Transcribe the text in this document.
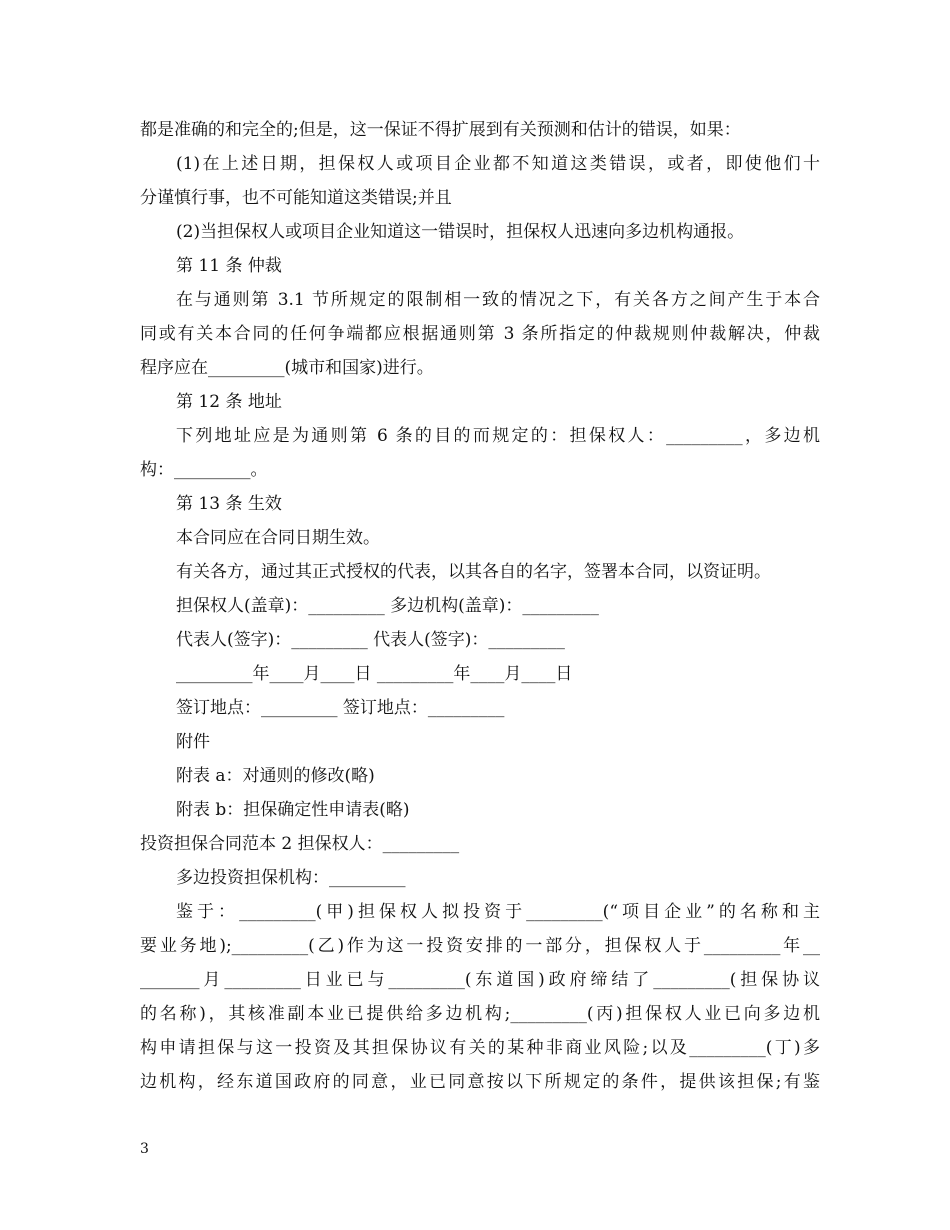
都是准确的和完全的;但是，这一保证不得扩展到有关预测和估计的错误，如果：
(1)在上述日期，担保权人或项目企业都不知道这类错误，或者，即使他们十
分谨慎行事，也不可能知道这类错误;并且
(2)当担保权人或项目企业知道这一错误时，担保权人迅速向多边机构通报。
第 11 条 仲裁
在与通则第 3.1 节所规定的限制相一致的情况之下，有关各方之间产生于本合
同或有关本合同的任何争端都应根据通则第 3 条所指定的仲裁规则仲裁解决，仲裁
程序应在_________(城市和国家)进行。
第 12 条 地址
下列地址应是为通则第 6 条的目的而规定的：担保权人：_________，多边机
构：_________。
第 13 条 生效
本合同应在合同日期生效。
有关各方，通过其正式授权的代表，以其各自的名字，签署本合同，以资证明。
担保权人(盖章)：_________ 多边机构(盖章)：_________
代表人(签字)：_________ 代表人(签字)：_________
_________年____月____日 _________年____月____日
签订地点：_________ 签订地点：_________
附件
附表 a：对通则的修改(略)
附表 b：担保确定性申请表(略)
投资担保合同范本 2 担保权人：_________
多边投资担保机构：_________
鉴于：_________(甲)担保权人拟投资于_________(“项目企业”的名称和主
要业务地);_________(乙)作为这一投资安排的一部分，担保权人于_________年__
_______月_________日业已与_________(东道国)政府缔结了_________(担保协议
的名称)，其核准副本业已提供给多边机构;_________(丙)担保权人业已向多边机
构申请担保与这一投资及其担保协议有关的某种非商业风险;以及_________(丁)多
边机构，经东道国政府的同意，业已同意按以下所规定的条件，提供该担保;有鉴
3
